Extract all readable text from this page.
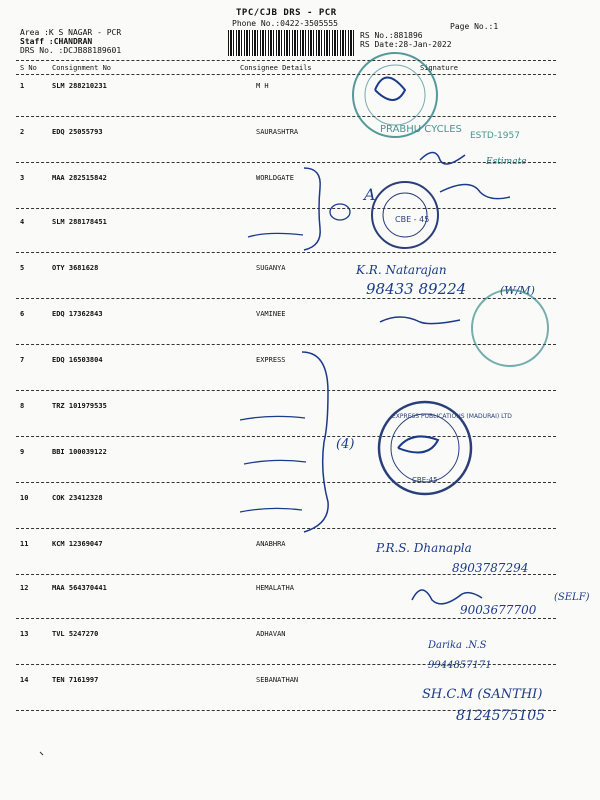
TPC/CJB DRS - PCR
Phone No.:0422-3505555
Area :K S NAGAR - PCR
Staff :CHANDRAN
DRS No. :DCJB88189601
RS No.:881896
RS Date:28-Jan-2022
Page No.:1
S No Consignment No	Consignee Details	Signature
1	SLM 288210231	M H
2	EDQ 25055793	SAURASHTRA
3	MAA 282515842	WORLDGATE
4	SLM 288178451
5	OTY 3681628	SUGANYA
6	EDQ 17362843	VAMINEE
7	EDQ 16503804	EXPRESS
8	TRZ 101979535
9	BBI 100039122
10	COK 23412328
11	KCM 12369047	ANABHRA
12	MAA 564370441	HEMALATHA
13	TVL 5247270	ADHAVAN
14	TEN 7161997	SEBANATHAN
PRABHU CYCLES
ESTD-1957
Estimate
CBE - 45
A
K.R. Natarajan
98433 89224	(W/M)
(4)
EXPRESS PUBLICATIONS (MADURAI) LTD
CBE-45
P.R.S. Dhanapla
8903787294
9003677700
(SELF)
Darika .N.S
9944857171
SH.C.M (SANTHI)
8124575105
